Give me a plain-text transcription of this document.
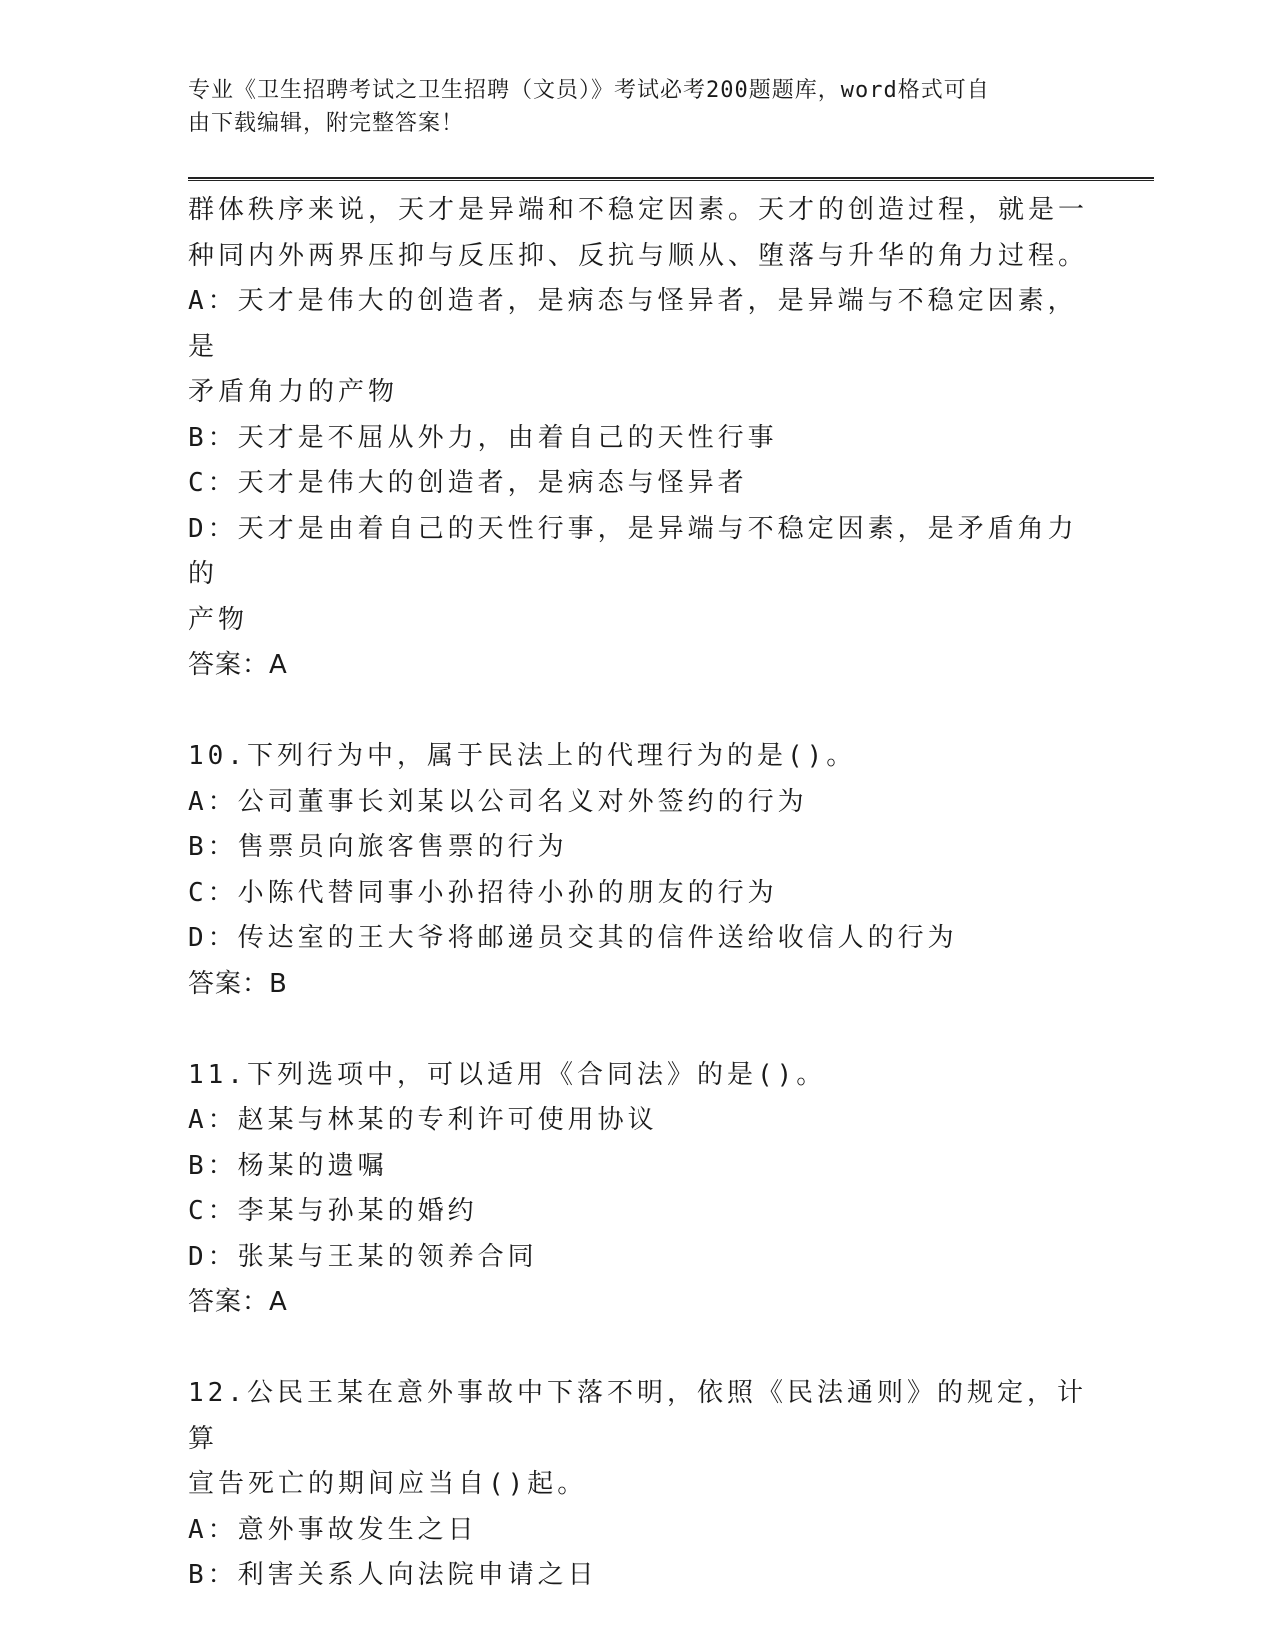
专业《卫生招聘考试之卫生招聘（文员）》考试必考200题题库，word格式可自
由下载编辑，附完整答案！

群体秩序来说，天才是异端和不稳定因素。天才的创造过程，就是一

种同内外两界压抑与反压抑、反抗与顺从、堕落与升华的角力过程。

A：天才是伟大的创造者，是病态与怪异者，是异端与不稳定因素，是

矛盾角力的产物

B：天才是不屈从外力，由着自己的天性行事

C：天才是伟大的创造者，是病态与怪异者

D：天才是由着自己的天性行事，是异端与不稳定因素，是矛盾角力的

产物

答案：A

10.下列行为中，属于民法上的代理行为的是()。

A：公司董事长刘某以公司名义对外签约的行为

B：售票员向旅客售票的行为

C：小陈代替同事小孙招待小孙的朋友的行为

D：传达室的王大爷将邮递员交其的信件送给收信人的行为

答案：B

11.下列选项中，可以适用《合同法》的是()。

A：赵某与林某的专利许可使用协议

B：杨某的遗嘱

C：李某与孙某的婚约

D：张某与王某的领养合同

答案：A

12.公民王某在意外事故中下落不明，依照《民法通则》的规定，计算

宣告死亡的期间应当自()起。

A：意外事故发生之日

B：利害关系人向法院申请之日
